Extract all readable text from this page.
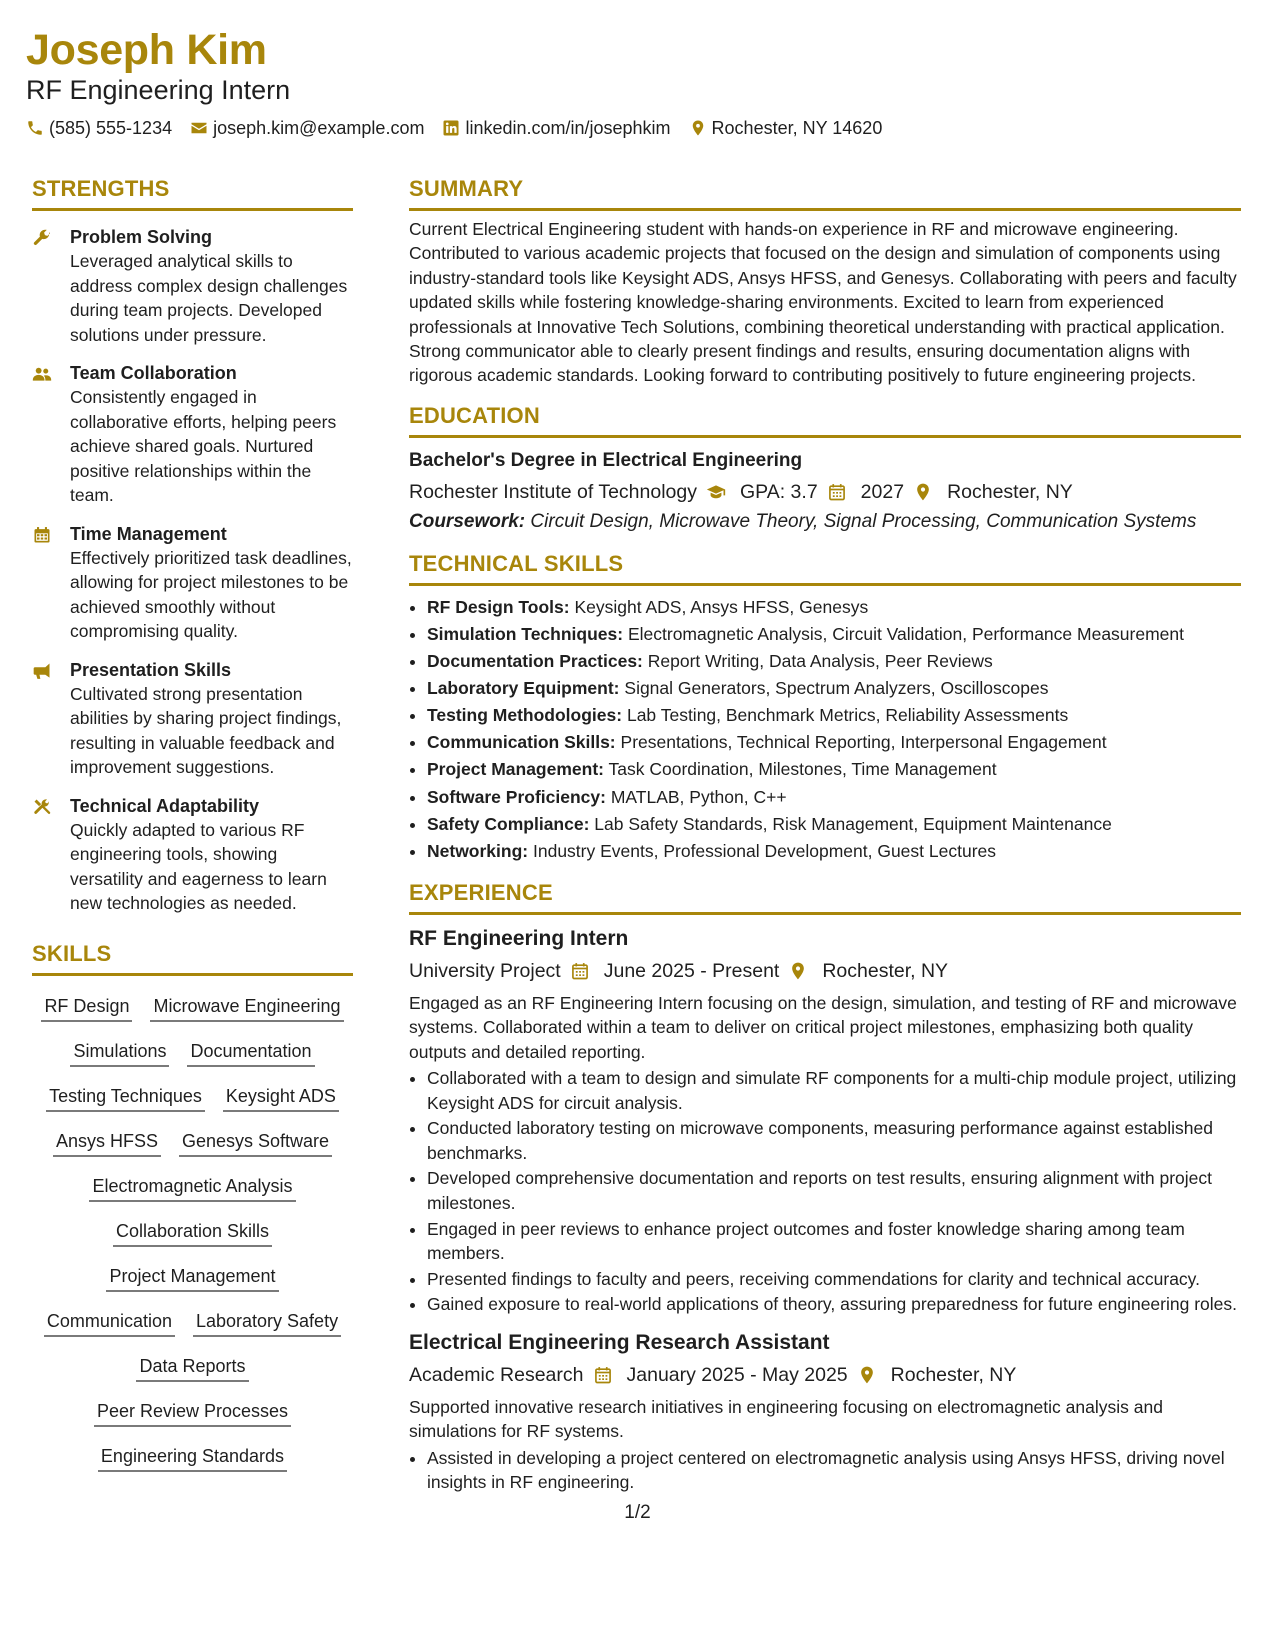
Joseph Kim
RF Engineering Intern
(585) 555-1234 joseph.kim@example.com linkedin.com/in/josephkim Rochester, NY 14620
STRENGTHS
Problem Solving
Leveraged analytical skills to address complex design challenges during team projects. Developed solutions under pressure.
Team Collaboration
Consistently engaged in collaborative efforts, helping peers achieve shared goals. Nurtured positive relationships within the team.
Time Management
Effectively prioritized task deadlines, allowing for project milestones to be achieved smoothly without compromising quality.
Presentation Skills
Cultivated strong presentation abilities by sharing project findings, resulting in valuable feedback and improvement suggestions.
Technical Adaptability
Quickly adapted to various RF engineering tools, showing versatility and eagerness to learn new technologies as needed.
SKILLS
RF Design Microwave Engineering
Simulations Documentation
Testing Techniques Keysight ADS
Ansys HFSS Genesys Software
Electromagnetic Analysis
Collaboration Skills
Project Management
Communication Laboratory Safety
Data Reports
Peer Review Processes
Engineering Standards
SUMMARY
Current Electrical Engineering student with hands-on experience in RF and microwave engineering. Contributed to various academic projects that focused on the design and simulation of components using industry-standard tools like Keysight ADS, Ansys HFSS, and Genesys. Collaborating with peers and faculty updated skills while fostering knowledge-sharing environments. Excited to learn from experienced professionals at Innovative Tech Solutions, combining theoretical understanding with practical application. Strong communicator able to clearly present findings and results, ensuring documentation aligns with rigorous academic standards. Looking forward to contributing positively to future engineering projects.
EDUCATION
Bachelor's Degree in Electrical Engineering
Rochester Institute of Technology GPA: 3.7 2027 Rochester, NY
Coursework: Circuit Design, Microwave Theory, Signal Processing, Communication Systems
TECHNICAL SKILLS
• RF Design Tools: Keysight ADS, Ansys HFSS, Genesys
• Simulation Techniques: Electromagnetic Analysis, Circuit Validation, Performance Measurement
• Documentation Practices: Report Writing, Data Analysis, Peer Reviews
• Laboratory Equipment: Signal Generators, Spectrum Analyzers, Oscilloscopes
• Testing Methodologies: Lab Testing, Benchmark Metrics, Reliability Assessments
• Communication Skills: Presentations, Technical Reporting, Interpersonal Engagement
• Project Management: Task Coordination, Milestones, Time Management
• Software Proficiency: MATLAB, Python, C++
• Safety Compliance: Lab Safety Standards, Risk Management, Equipment Maintenance
• Networking: Industry Events, Professional Development, Guest Lectures
EXPERIENCE
RF Engineering Intern
University Project June 2025 - Present Rochester, NY
Engaged as an RF Engineering Intern focusing on the design, simulation, and testing of RF and microwave systems. Collaborated within a team to deliver on critical project milestones, emphasizing both quality outputs and detailed reporting.
• Collaborated with a team to design and simulate RF components for a multi-chip module project, utilizing Keysight ADS for circuit analysis.
• Conducted laboratory testing on microwave components, measuring performance against established benchmarks.
• Developed comprehensive documentation and reports on test results, ensuring alignment with project milestones.
• Engaged in peer reviews to enhance project outcomes and foster knowledge sharing among team members.
• Presented findings to faculty and peers, receiving commendations for clarity and technical accuracy.
• Gained exposure to real-world applications of theory, assuring preparedness for future engineering roles.
Electrical Engineering Research Assistant
Academic Research January 2025 - May 2025 Rochester, NY
Supported innovative research initiatives in engineering focusing on electromagnetic analysis and simulations for RF systems.
• Assisted in developing a project centered on electromagnetic analysis using Ansys HFSS, driving novel insights in RF engineering.
1/2
